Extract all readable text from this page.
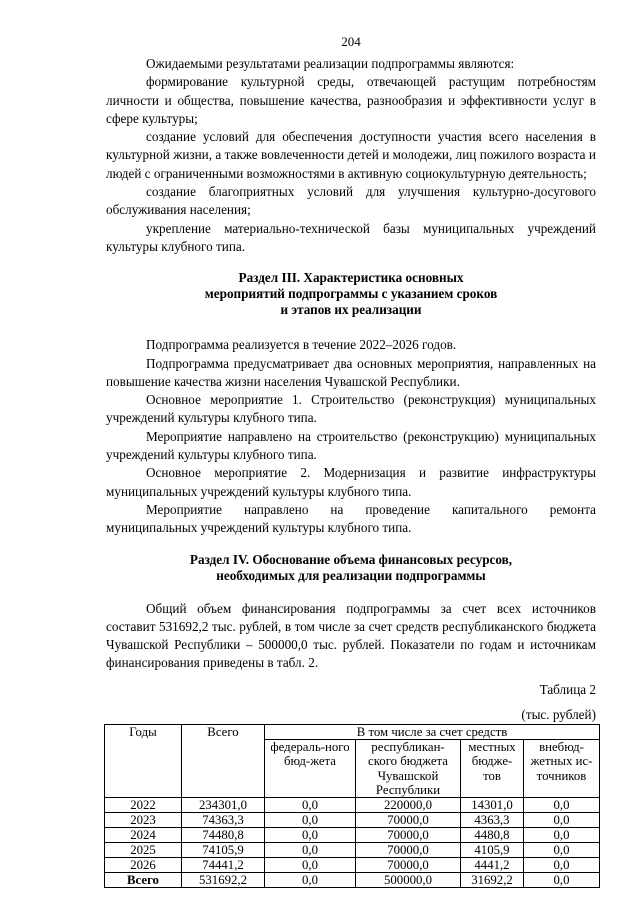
204

Ожидаемыми результатами реализации подпрограммы являются:

формирование культурной среды, отвечающей растущим потребностям личности и общества, повышение качества, разнообразия и эффективности услуг в сфере культуры;

создание условий для обеспечения доступности участия всего населения в культурной жизни, а также вовлеченности детей и молодежи, лиц пожилого возраста и людей с ограниченными возможностями в активную социокультурную деятельность;

создание благоприятных условий для улучшения культурно-досугового обслуживания населения;

укрепление материально-технической базы муниципальных учреждений культуры клубного типа.

Раздел III. Характеристика основных
мероприятий подпрограммы с указанием сроков
и этапов их реализации

Подпрограмма реализуется в течение 2022–2026 годов.

Подпрограмма предусматривает два основных мероприятия, направленных на повышение качества жизни населения Чувашской Республики.

Основное мероприятие 1. Строительство (реконструкция) муниципальных учреждений культуры клубного типа.

Мероприятие направлено на строительство (реконструкцию) муниципальных учреждений культуры клубного типа.

Основное мероприятие 2. Модернизация и развитие инфраструктуры муниципальных учреждений культуры клубного типа.

Мероприятие направлено на проведение капитального ремонта муниципальных учреждений культуры клубного типа.

Раздел IV. Обоснование объема финансовых ресурсов,
необходимых для реализации подпрограммы

Общий объем финансирования подпрограммы за счет всех источников составит 531692,2 тыс. рублей, в том числе за счет средств республиканского бюджета Чувашской Республики – 500000,0 тыс. рублей. Показатели по годам и источникам финансирования приведены в табл. 2.

Таблица 2
(тыс. рублей)
Годы	Всего	В том числе за счет средств			
		федераль-ного бюд-жета	республикан-ского бюджета Чувашской Республики	местных бюдже-тов	внебюд-жетных ис-точников
2022	234301,0	0,0	220000,0	14301,0	0,0
2023	74363,3	0,0	70000,0	4363,3	0,0
2024	74480,8	0,0	70000,0	4480,8	0,0
2025	74105,9	0,0	70000,0	4105,9	0,0
2026	74441,2	0,0	70000,0	4441,2	0,0
Всего	531692,2	0,0	500000,0	31692,2	0,0
